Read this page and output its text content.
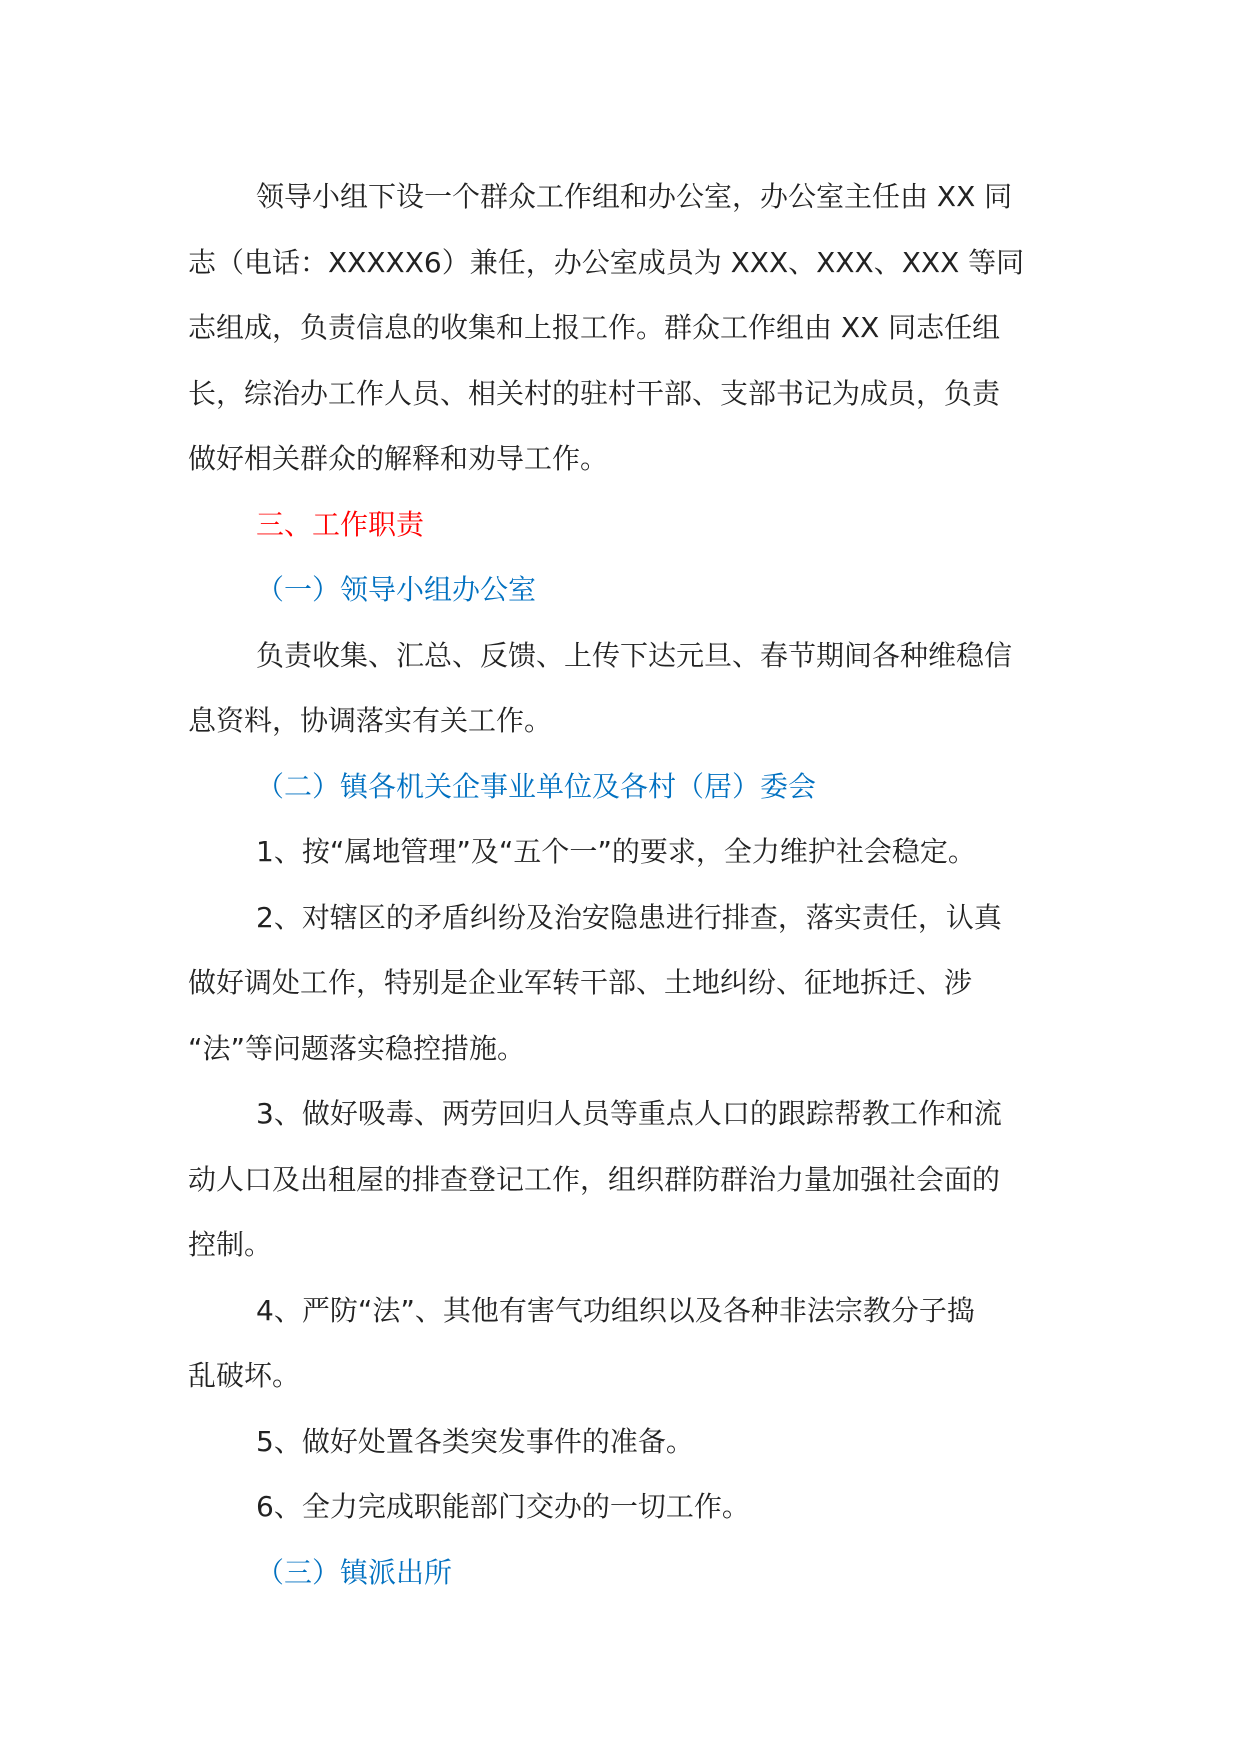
领导小组下设一个群众工作组和办公室，办公室主任由 XX 同
志（电话：XXXXX6）兼任，办公室成员为 XXX、XXX、XXX 等同
志组成，负责信息的收集和上报工作。群众工作组由 XX 同志任组
长，综治办工作人员、相关村的驻村干部、支部书记为成员，负责
做好相关群众的解释和劝导工作。

三、工作职责

（一）领导小组办公室

负责收集、汇总、反馈、上传下达元旦、春节期间各种维稳信
息资料，协调落实有关工作。

（二）镇各机关企事业单位及各村（居）委会

1、按“属地管理”及“五个一”的要求，全力维护社会稳定。

2、对辖区的矛盾纠纷及治安隐患进行排查，落实责任，认真
做好调处工作，特别是企业军转干部、土地纠纷、征地拆迁、涉
“法”等问题落实稳控措施。

3、做好吸毒、两劳回归人员等重点人口的跟踪帮教工作和流
动人口及出租屋的排查登记工作，组织群防群治力量加强社会面的
控制。

4、严防“法”、其他有害气功组织以及各种非法宗教分子捣
乱破坏。

5、做好处置各类突发事件的准备。

6、全力完成职能部门交办的一切工作。

（三）镇派出所
